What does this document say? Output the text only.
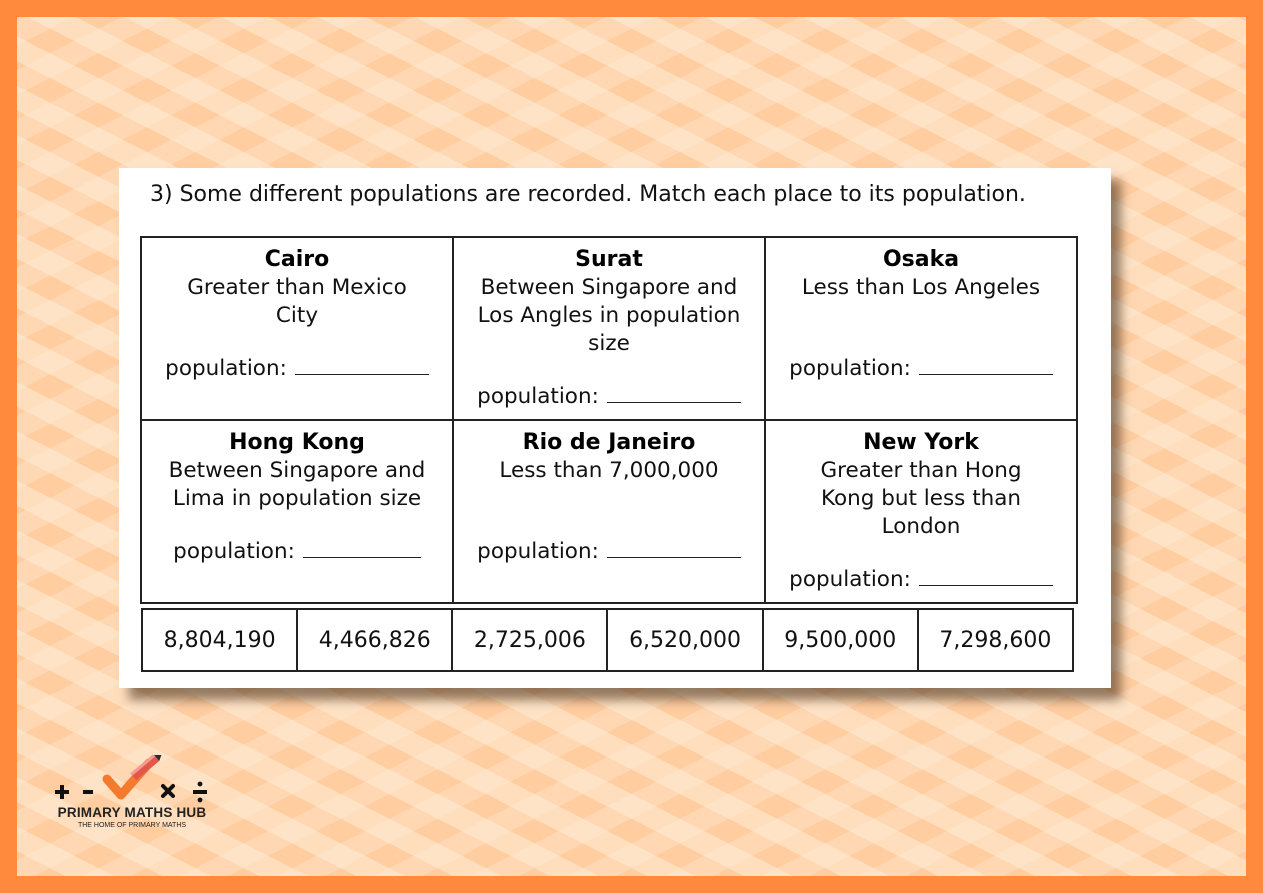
3) Some different populations are recorded. Match each place to its population.
Cairo
Greater than Mexico City
population:	Surat
Between Singapore and Los Angles in population size
population:	Osaka
Less than Los Angeles
population:

Hong Kong
Between Singapore and Lima in population size
population:	Rio de Janeiro
Less than 7,000,000
population:	New York
Greater than Hong Kong but less than London
population:
8,804,190	4,466,826	2,725,006	6,520,000	9,500,000	7,298,600
PRIMARY MATHS HUB
THE HOME OF PRIMARY MATHS
